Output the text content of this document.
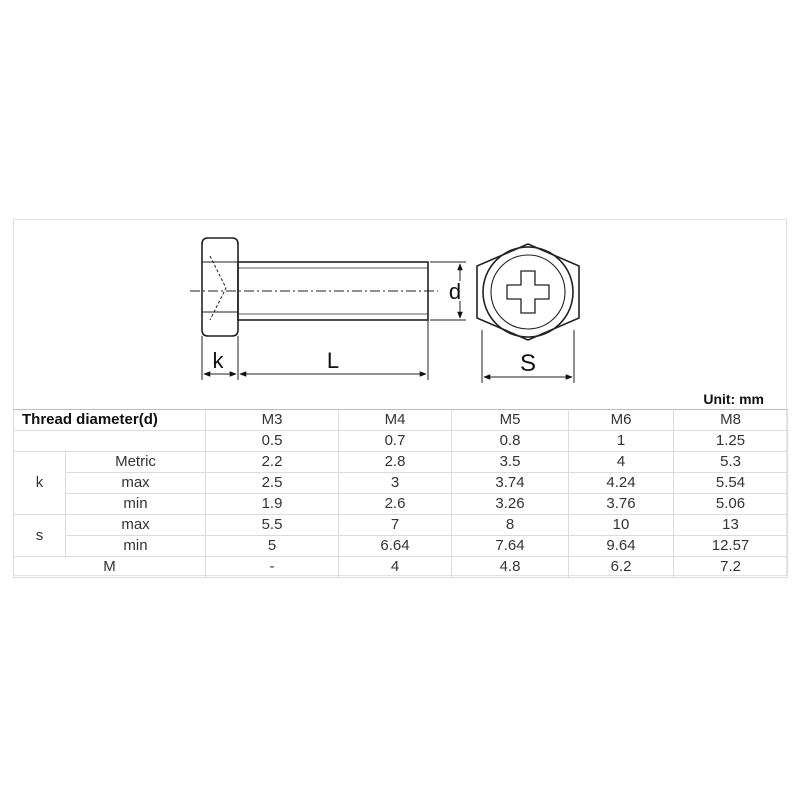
k	L
d
S
Unit: mm
Thread diameter(d)		M3	M4	M5	M6	M8
		0.5	0.7	0.8	1	1.25
k	Metric	2.2	2.8	3.5	4	5.3
	max	2.5	3	3.74	4.24	5.54
	min	1.9	2.6	3.26	3.76	5.06
s	max	5.5	7	8	10	13
	min	5	6.64	7.64	9.64	12.57
M		-	4	4.8	6.2	7.2
